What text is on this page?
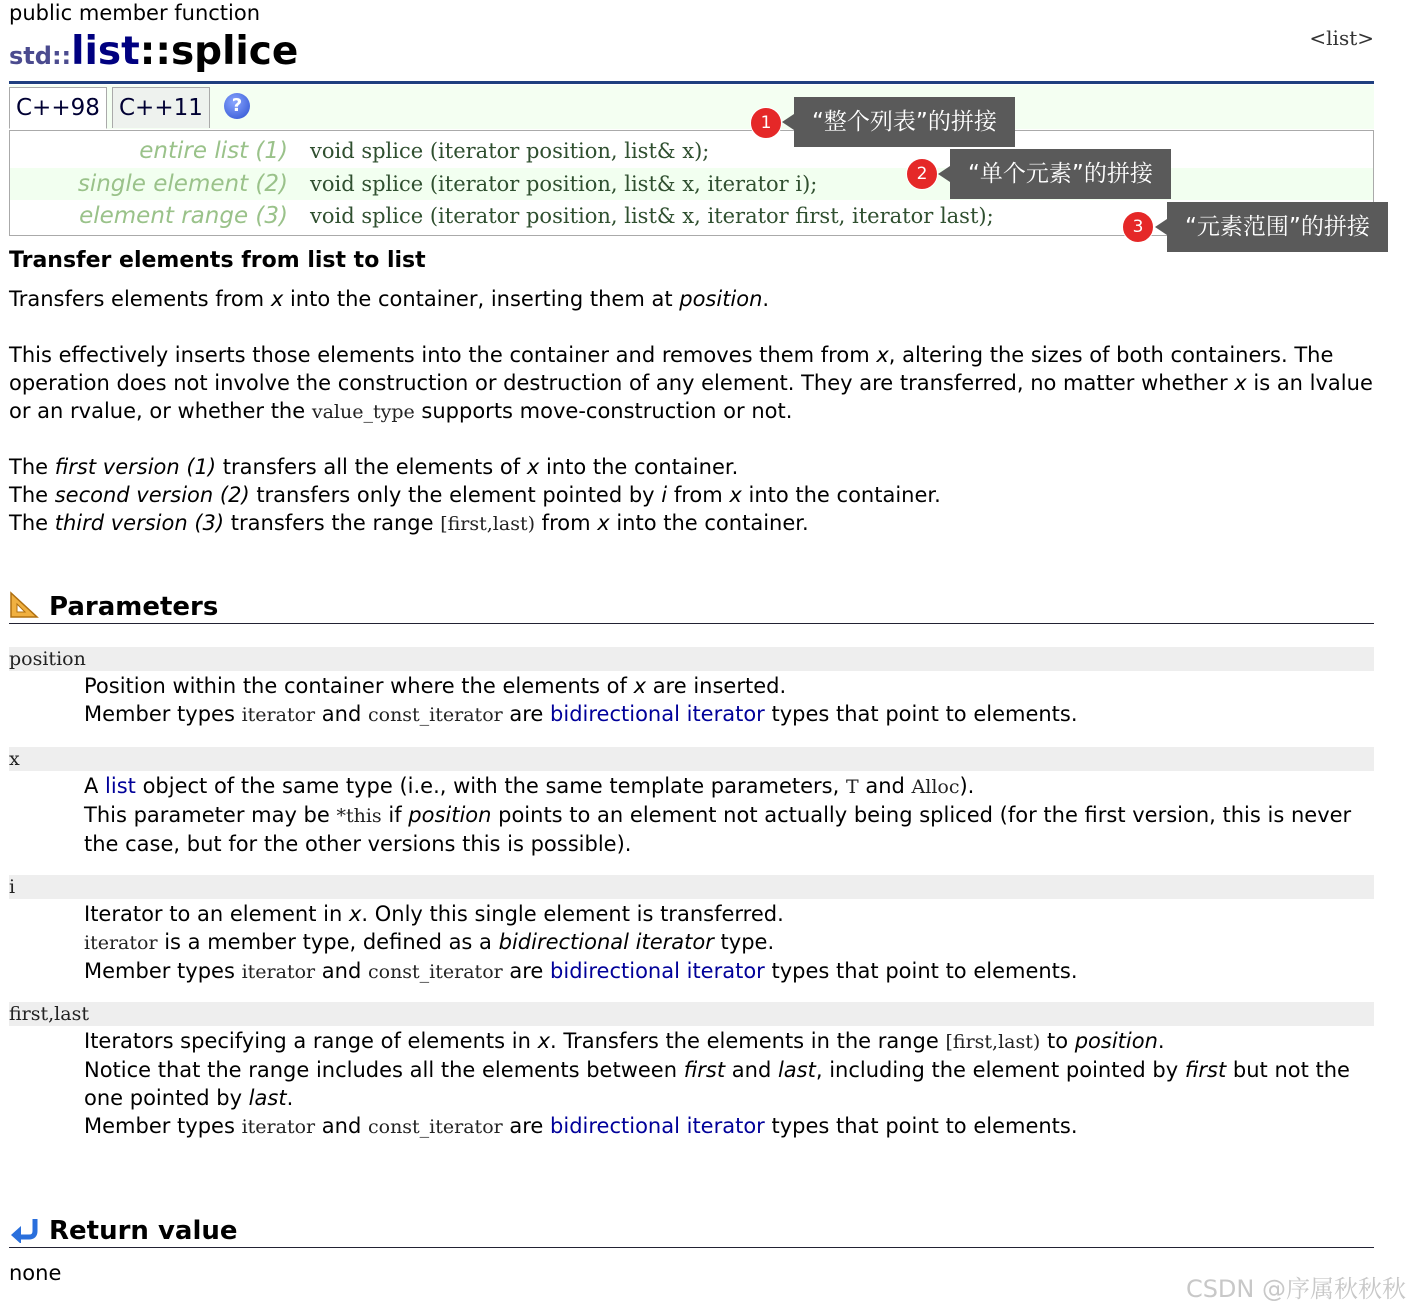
public member function
std::list::splice	<list>
C++98 C++11	?
entire list (1) void splice (iterator position, list& x);
single element (2) void splice (iterator position, list& x, iterator i);
element range (3) void splice (iterator position, list& x, iterator first, iterator last);
1	“整个列表”的拼接
2	“单个元素”的拼接
3	“元素范围”的拼接
Transfer elements from list to list
Transfers elements from x into the container, inserting them at position.
This effectively inserts those elements into the container and removes them from x, altering the sizes of both containers. The operation does not involve the construction or destruction of any element. They are transferred, no matter whether x is an lvalue or an rvalue, or whether the value_type supports move-construction or not.
The first version (1) transfers all the elements of x into the container.
The second version (2) transfers only the element pointed by i from x into the container.
The third version (3) transfers the range [first,last) from x into the container.
Parameters
position
Position within the container where the elements of x are inserted.
Member types iterator and const_iterator are bidirectional iterator types that point to elements.
x
A list object of the same type (i.e., with the same template parameters, T and Alloc).
This parameter may be *this if position points to an element not actually being spliced (for the first version, this is never the case, but for the other versions this is possible).
i
Iterator to an element in x. Only this single element is transferred.
iterator is a member type, defined as a bidirectional iterator type.
Member types iterator and const_iterator are bidirectional iterator types that point to elements.
first,last
Iterators specifying a range of elements in x. Transfers the elements in the range [first,last) to position.
Notice that the range includes all the elements between first and last, including the element pointed by first but not the one pointed by last.
Member types iterator and const_iterator are bidirectional iterator types that point to elements.
Return value
none
CSDN @序属秋秋秋
